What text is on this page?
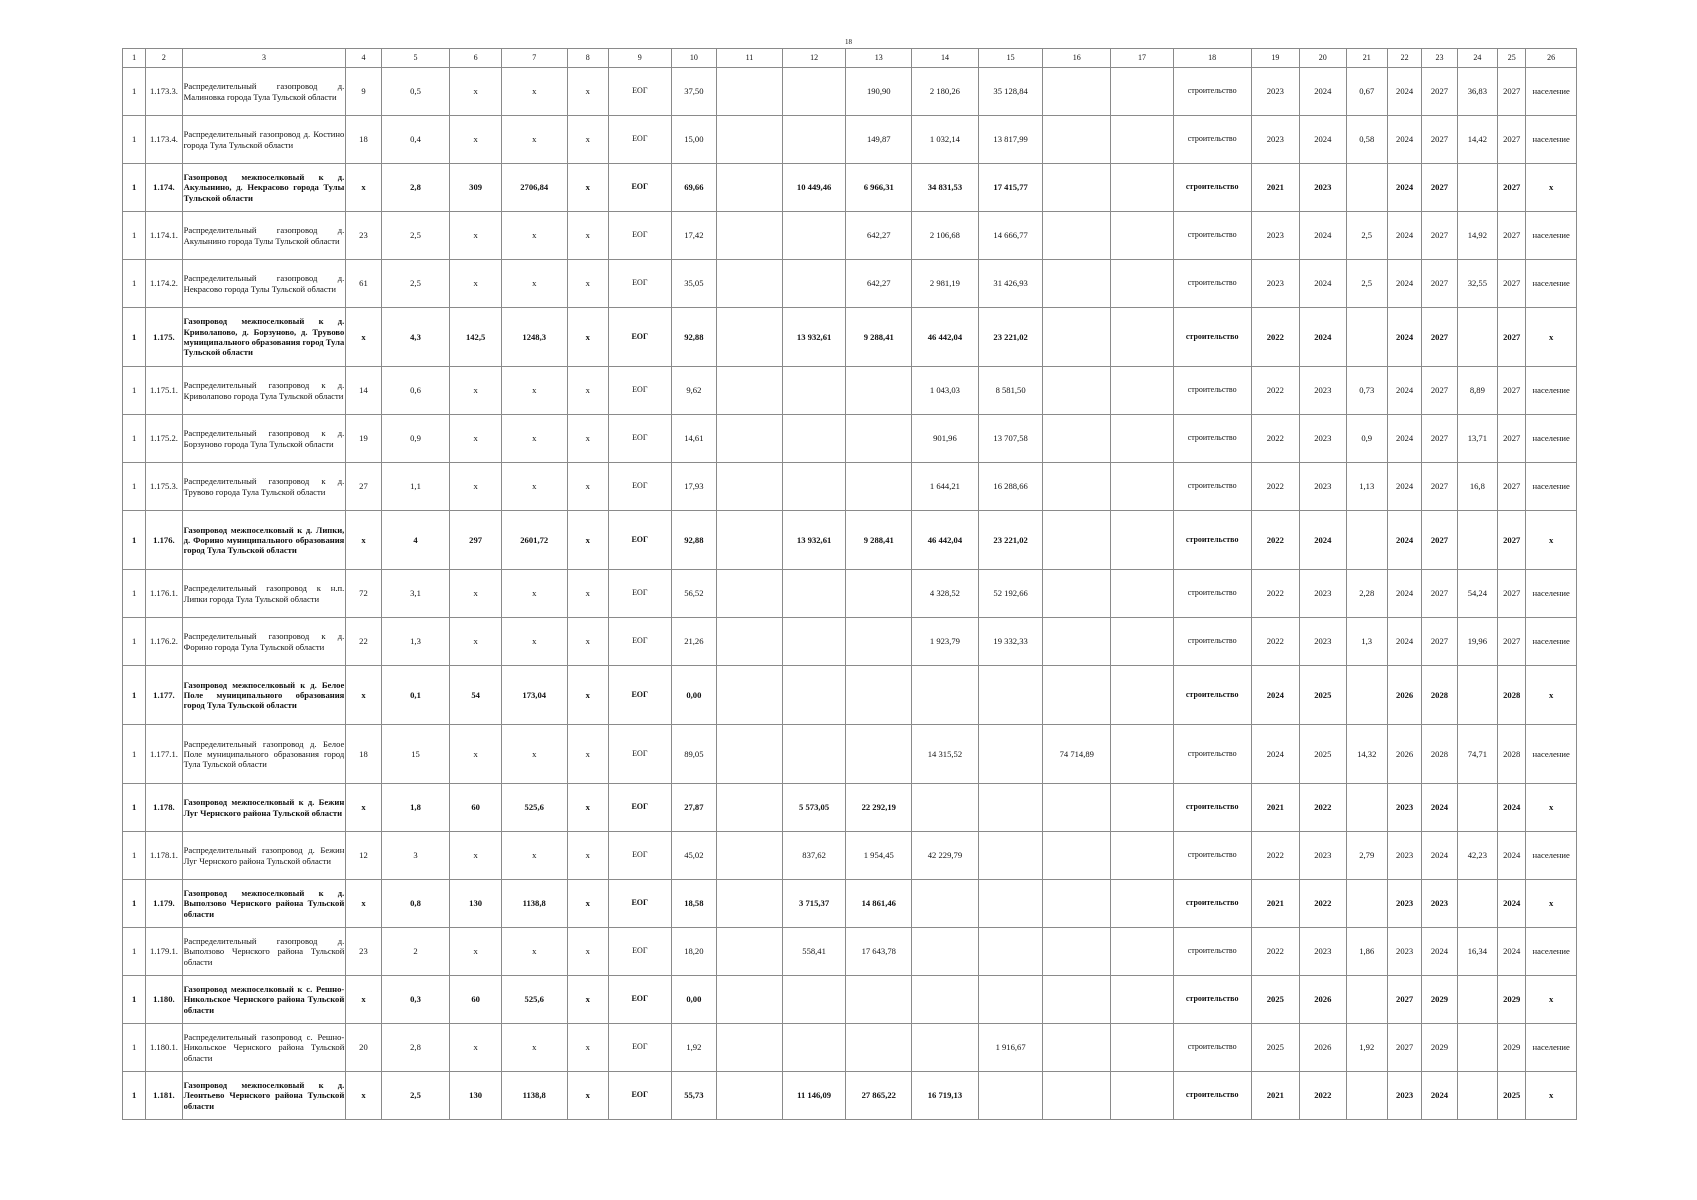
18
1	2	3	4	5	6	7	8	9	10	11	12	13	14	15	16	17	18	19	20	21	22	23	24	25	26
1	1.173.3.	Распределительный газопровод д. Малиновка города Тула Тульской области	9	0,5	х	х	х	ЕОГ	37,50			190,90	2 180,26	35 128,84			строительство	2023	2024	0,67	2024	2027	36,83	2027	население
1	1.173.4.	Распределительный газопровод д. Костино города Тула Тульской области	18	0,4	х	х	х	ЕОГ	15,00			149,87	1 032,14	13 817,99			строительство	2023	2024	0,58	2024	2027	14,42	2027	население
1	1.174.	Газопровод межпоселковый к д. Акулынино, д. Некрасово города Тулы Тульской области	х	2,8	309	2706,84	х	ЕОГ	69,66		10 449,46	6 966,31	34 831,53	17 415,77			строительство	2021	2023		2024	2027		2027	х
1	1.174.1.	Распределительный газопровод д. Акулынино города Тулы Тульской области	23	2,5	х	х	х	ЕОГ	17,42			642,27	2 106,68	14 666,77			строительство	2023	2024	2,5	2024	2027	14,92	2027	население
1	1.174.2.	Распределительный газопровод д. Некрасово города Тулы Тульской области	61	2,5	х	х	х	ЕОГ	35,05			642,27	2 981,19	31 426,93			строительство	2023	2024	2,5	2024	2027	32,55	2027	население
1	1.175.	Газопровод межпоселковый к д. Криволапово, д. Борзуново, д. Трувово муниципального образования город Тула Тульской области	х	4,3	142,5	1248,3	х	ЕОГ	92,88		13 932,61	9 288,41	46 442,04	23 221,02			строительство	2022	2024		2024	2027		2027	х
1	1.175.1.	Распределительный газопровод к д. Криволапово города Тула Тульской области	14	0,6	х	х	х	ЕОГ	9,62				1 043,03	8 581,50			строительство	2022	2023	0,73	2024	2027	8,89	2027	население
1	1.175.2.	Распределительный газопровод к д. Борзуново города Тула Тульской области	19	0,9	х	х	х	ЕОГ	14,61				901,96	13 707,58			строительство	2022	2023	0,9	2024	2027	13,71	2027	население
1	1.175.3.	Распределительный газопровод к д. Трувово города Тула Тульской области	27	1,1	х	х	х	ЕОГ	17,93				1 644,21	16 288,66			строительство	2022	2023	1,13	2024	2027	16,8	2027	население
1	1.176.	Газопровод межпоселковый к д. Липки, д. Форино муниципального образования город Тула Тульской области	х	4	297	2601,72	х	ЕОГ	92,88		13 932,61	9 288,41	46 442,04	23 221,02			строительство	2022	2024		2024	2027		2027	х
1	1.176.1.	Распределительный газопровод к н.п. Липки города Тула Тульской области	72	3,1	х	х	х	ЕОГ	56,52				4 328,52	52 192,66			строительство	2022	2023	2,28	2024	2027	54,24	2027	население
1	1.176.2.	Распределительный газопровод к д. Форино города Тула Тульской области	22	1,3	х	х	х	ЕОГ	21,26				1 923,79	19 332,33			строительство	2022	2023	1,3	2024	2027	19,96	2027	население
1	1.177.	Газопровод межпоселковый к д. Белое Поле муниципального образования город Тула Тульской области	х	0,1	54	173,04	х	ЕОГ	0,00								строительство	2024	2025		2026	2028		2028	х
1	1.177.1.	Распределительный газопровод д. Белое Поле муниципального образования город Тула Тульской области	18	15	х	х	х	ЕОГ	89,05				14 315,52		74 714,89		строительство	2024	2025	14,32	2026	2028	74,71	2028	население
1	1.178.	Газопровод межпоселковый к д. Бежин Луг Чернского района Тульской области	х	1,8	60	525,6	х	ЕОГ	27,87		5 573,05	22 292,19					строительство	2021	2022		2023	2024		2024	х
1	1.178.1.	Распределительный газопровод д. Бежин Луг Чернского района Тульской области	12	3	х	х	х	ЕОГ	45,02		837,62	1 954,45	42 229,79				строительство	2022	2023	2,79	2023	2024	42,23	2024	население
1	1.179.	Газопровод межпоселковый к д. Выползово Чернского района Тульской области	х	0,8	130	1138,8	х	ЕОГ	18,58		3 715,37	14 861,46					строительство	2021	2022		2023	2023		2024	х
1	1.179.1.	Распределительный газопровод д. Выползово Чернского района Тульской области	23	2	х	х	х	ЕОГ	18,20		558,41	17 643,78					строительство	2022	2023	1,86	2023	2024	16,34	2024	население
1	1.180.	Газопровод межпоселковый к с. Решно-Никольское Чернского района Тульской области	х	0,3	60	525,6	х	ЕОГ	0,00								строительство	2025	2026		2027	2029		2029	х
1	1.180.1.	Распределительный газопровод с. Решно-Никольское Чернского района Тульской области	20	2,8	х	х	х	ЕОГ	1,92					1 916,67			строительство	2025	2026	1,92	2027	2029		2029	население
1	1.181.	Газопровод межпоселковый к д. Леонтьево Чернского района Тульской области	х	2,5	130	1138,8	х	ЕОГ	55,73		11 146,09	27 865,22	16 719,13				строительство	2021	2022		2023	2024		2025	х
